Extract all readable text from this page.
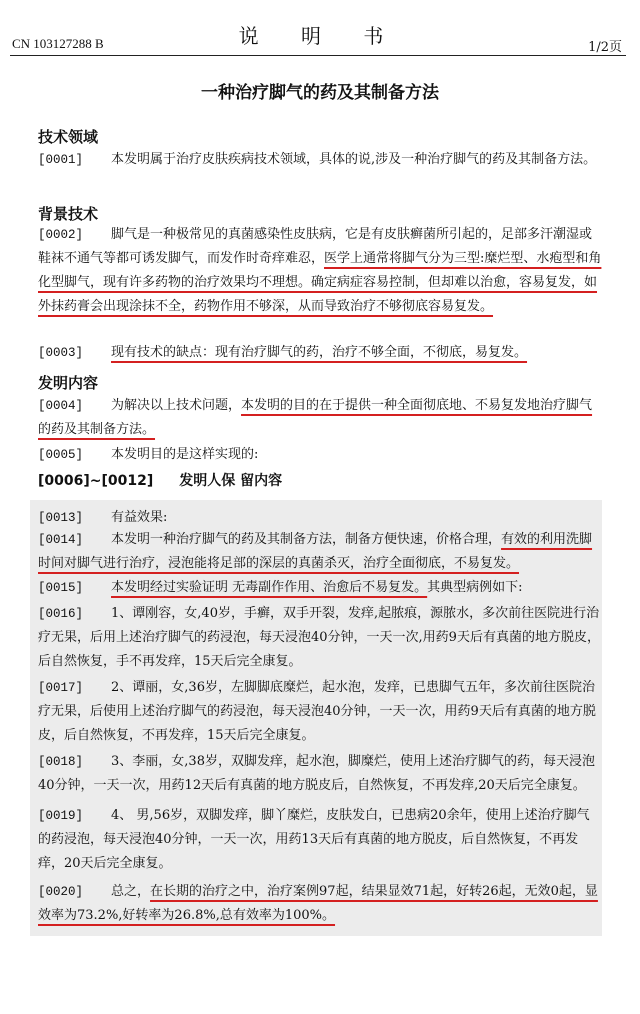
CN 103127288 B	说 明 书	1/2页
一种治疗脚气的药及其制备方法
技术领域
[0001] 本发明属于治疗皮肤疾病技术领域，具体的说,涉及一种治疗脚气的药及其制备方法。
背景技术
[0002] 脚气是一种极常见的真菌感染性皮肤病，它是有皮肤癣菌所引起的，足部多汗潮湿或鞋袜不通气等都可诱发脚气，而发作时奇痒难忍，医学上通常将脚气分为三型:糜烂型、水疱型和角化型脚气，现有许多药物的治疗效果均不理想。确定病症容易控制，但却难以治愈，容易复发，如外抹药膏会出现涂抹不全，药物作用不够深，从而导致治疗不够彻底容易复发。
[0003] 现有技术的缺点：现有治疗脚气的药，治疗不够全面，不彻底，易复发。
发明内容
[0004] 为解决以上技术问题，本发明的目的在于提供一种全面彻底地、不易复发地治疗脚气的药及其制备方法。
[0005] 本发明目的是这样实现的:
[0006]~[0012] 发明人保 留内容
[0013] 有益效果:
[0014] 本发明一种治疗脚气的药及其制备方法，制备方便快速，价格合理，有效的利用洗脚时间对脚气进行治疗，浸泡能将足部的深层的真菌杀灭，治疗全面彻底，不易复发。
[0015] 本发明经过实验证明 无毒副作作用、治愈后不易复发。其典型病例如下:
[0016] 1、谭刚容，女,40岁，手癣，双手开裂，发痒,起脓痕，源脓水，多次前往医院进行治疗无果，后用上述治疗脚气的药浸泡，每天浸泡40分钟，一天一次,用药9天后有真菌的地方脱皮，后自然恢复，手不再发痒，15天后完全康复。
[0017] 2、谭丽，女,36岁，左脚脚底糜烂，起水泡，发痒，已患脚气五年，多次前往医院治疗无果，后使用上述治疗脚气的药浸泡，每天浸泡40分钟，一天一次，用药9天后有真菌的地方脱皮，后自然恢复，不再发痒，15天后完全康复。
[0018] 3、李丽，女,38岁，双脚发痒，起水泡，脚糜烂，使用上述治疗脚气的药，每天浸泡40分钟，一天一次，用药12天后有真菌的地方脱皮后，自然恢复，不再发痒,20天后完全康复。
[0019] 4、 男,56岁，双脚发痒，脚丫糜烂，皮肤发白，已患病20余年，使用上述治疗脚气的药浸泡，每天浸泡40分钟，一天一次，用药13天后有真菌的地方脱皮，后自然恢复，不再发痒，20天后完全康复。
[0020] 总之，在长期的治疗之中，治疗案例97起，结果显效71起，好转26起，无效0起，显效率为73.2%,好转率为26.8%,总有效率为100%。
